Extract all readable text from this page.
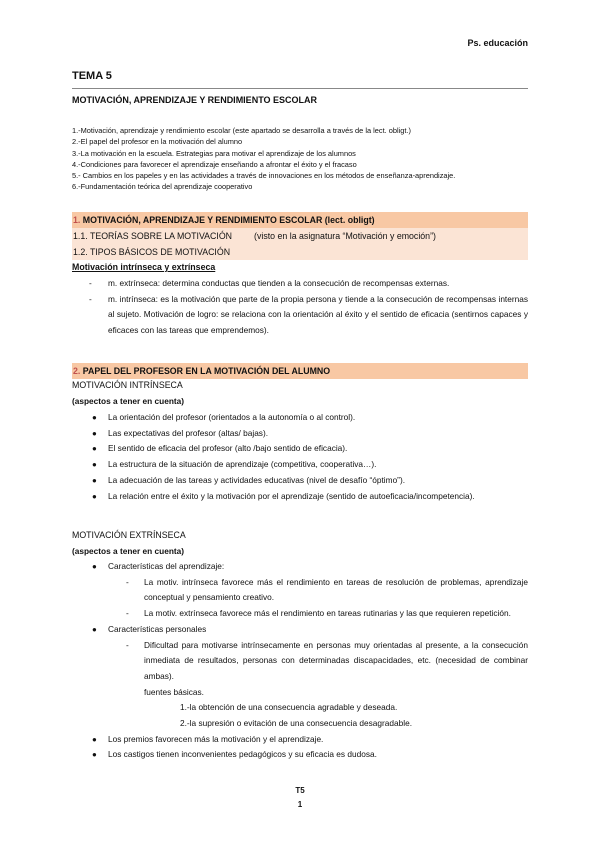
Ps. educación
TEMA 5
MOTIVACIÓN, APRENDIZAJE Y RENDIMIENTO ESCOLAR
1.-Motivación, aprendizaje y rendimiento escolar (este apartado se desarrolla a través de la lect. obligt.)
2.-El papel del profesor en la motivación del alumno
3.-La motivación en la escuela. Estrategias para motivar el aprendizaje de los alumnos
4.-Condiciones para favorecer el aprendizaje enseñando a afrontar el éxito y el fracaso
5.- Cambios en los papeles y en las actividades a través de innovaciones en los métodos de enseñanza-aprendizaje.
6.-Fundamentación teórica del aprendizaje cooperativo
1. MOTIVACIÓN, APRENDIZAJE Y RENDIMIENTO ESCOLAR (lect. obligt)
1.1. TEORÍAS SOBRE LA MOTIVACIÓN	(visto en la asignatura “Motivación y emoción”)
1.2. TIPOS BÁSICOS DE MOTIVACIÓN
Motivación intrínseca y extrínseca
- m. extrínseca: determina conductas que tienden a la consecución de recompensas externas.
- m. intrínseca: es la motivación que parte de la propia persona y tiende a la consecución de recompensas internas al sujeto. Motivación de logro: se relaciona con la orientación al éxito y el sentido de eficacia (sentirnos capaces y eficaces con las tareas que emprendemos).
2. PAPEL DEL PROFESOR EN LA MOTIVACIÓN DEL ALUMNO
MOTIVACIÓN INTRÍNSECA
(aspectos a tener en cuenta)
● La orientación del profesor (orientados a la autonomía o al control).
● Las expectativas del profesor (altas/ bajas).
● El sentido de eficacia del profesor (alto /bajo sentido de eficacia).
● La estructura de la situación de aprendizaje (competitiva, cooperativa…).
● La adecuación de las tareas y actividades educativas (nivel de desafío “óptimo”).
● La relación entre el éxito y la motivación por el aprendizaje (sentido de autoeficacia/incompetencia).
MOTIVACIÓN EXTRÍNSECA
(aspectos a tener en cuenta)
● Características del aprendizaje:
- La motiv. intrínseca favorece más el rendimiento en tareas de resolución de problemas, aprendizaje conceptual y pensamiento creativo.
- La motiv. extrínseca favorece más el rendimiento en tareas rutinarias y las que requieren repetición.
● Características personales
- Dificultad para motivarse intrínsecamente en personas muy orientadas al presente, a la consecución inmediata de resultados, personas con determinadas discapacidades, etc. (necesidad de combinar ambas).
fuentes básicas.
1.-la obtención de una consecuencia agradable y deseada.
2.-la supresión o evitación de una consecuencia desagradable.
● Los premios favorecen más la motivación y el aprendizaje.
● Los castigos tienen inconvenientes pedagógicos y su eficacia es dudosa.
T5
1
